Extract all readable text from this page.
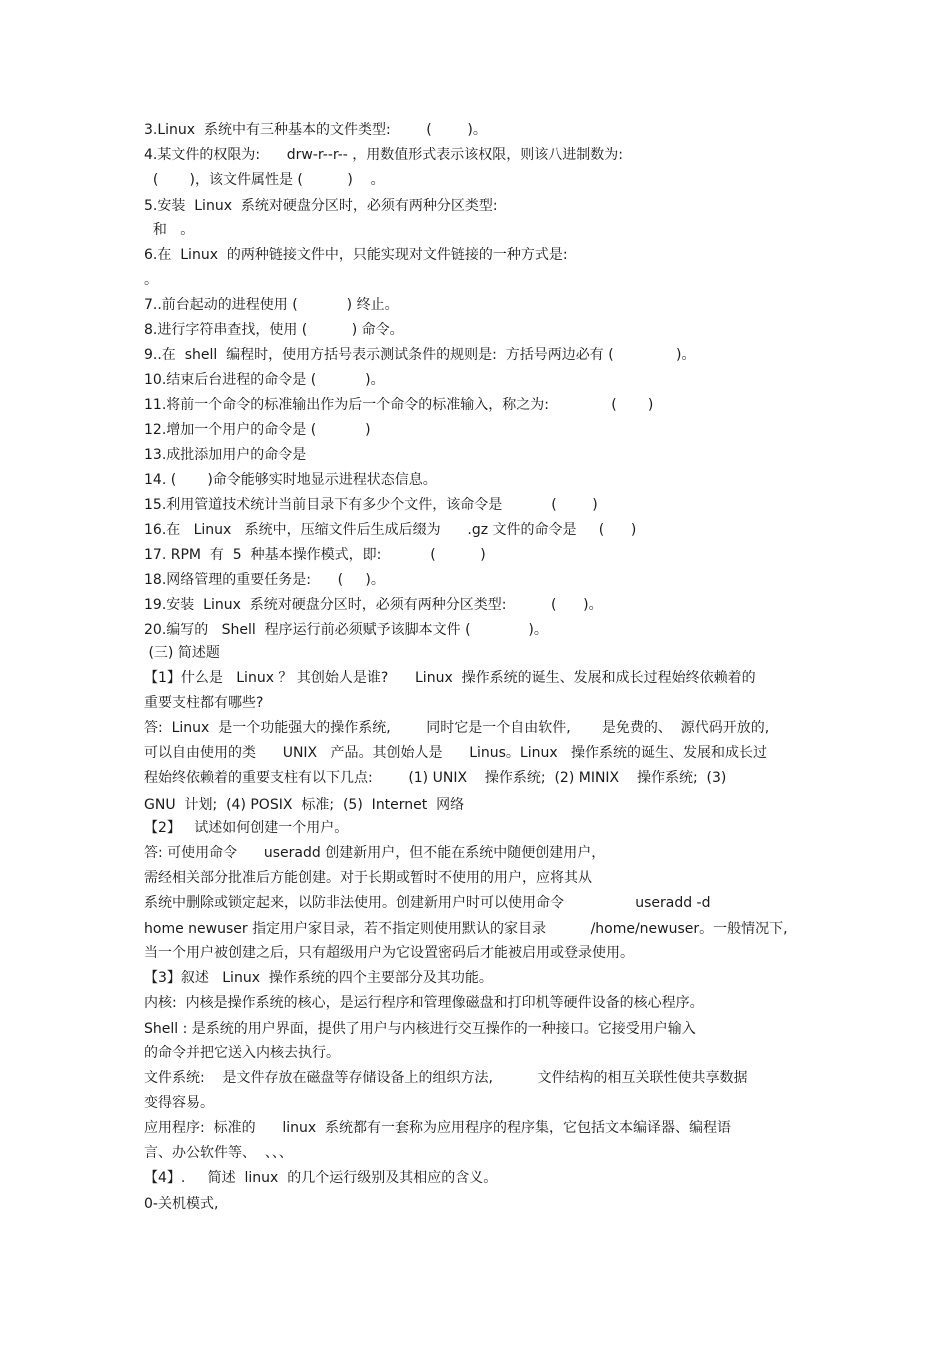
3.Linux  系统中有三种基本的文件类型:        (        )。
4.某文件的权限为:      drw-r--r-- ，用数值形式表示该权限，则该八进制数为:
(       )，该文件属性是 (          )    。
5.安装  Linux  系统对硬盘分区时，必须有两种分区类型:
和   。
6.在  Linux  的两种链接文件中，只能实现对文件链接的一种方式是:
。
7..前台起动的进程使用 (           ) 终止。
8.进行字符串查找，使用 (          ) 命令。
9..在  shell  编程时，使用方括号表示测试条件的规则是:  方括号两边必有 (              )。
10.结束后台进程的命令是 (           )。
11.将前一个命令的标准输出作为后一个命令的标准输入，称之为:              (       )
12.增加一个用户的命令是 (           )
13.成批添加用户的命令是
14. (       )命令能够实时地显示进程状态信息。
15.利用管道技术统计当前目录下有多少个文件，该命令是           (        )
16.在   Linux   系统中，压缩文件后生成后缀为      .gz 文件的命令是     (      )
17. RPM  有  5  种基本操作模式，即:           (          )
18.网络管理的重要任务是:      (     )。
19.安装  Linux  系统对硬盘分区时，必须有两种分区类型:          (      )。
20.编写的   Shell  程序运行前必须赋予该脚本文件 (             )。
(三) 简述题
【1】什么是   Linux ？ 其创始人是谁?      Linux  操作系统的诞生、发展和成长过程始终依赖着的
重要支柱都有哪些?
答:  Linux  是一个功能强大的操作系统,        同时它是一个自由软件,       是免费的、  源代码开放的,
可以自由使用的类      UNIX   产品。其创始人是      Linus。Linux   操作系统的诞生、发展和成长过
程始终依赖着的重要支柱有以下几点:        (1) UNIX    操作系统;  (2) MINIX    操作系统;  (3)
GNU  计划;  (4) POSIX  标准;  (5)  Internet  网络
【2】   试述如何创建一个用户。
答: 可使用命令      useradd 创建新用户，但不能在系统中随便创建用户，
需经相关部分批准后方能创建。对于长期或暂时不使用的用户，应将其从
系统中删除或锁定起来，以防非法使用。创建新用户时可以使用命令                useradd -d
home newuser 指定用户家目录，若不指定则使用默认的家目录          /home/newuser。一般情况下,
当一个用户被创建之后，只有超级用户为它设置密码后才能被启用或登录使用。
【3】叙述   Linux  操作系统的四个主要部分及其功能。
内核:  内核是操作系统的核心，是运行程序和管理像磁盘和打印机等硬件设备的核心程序。
Shell : 是系统的用户界面，提供了用户与内核进行交互操作的一种接口。它接受用户输入
的命令并把它送入内核去执行。
文件系统:    是文件存放在磁盘等存储设备上的组织方法,          文件结构的相互关联性使共享数据
变得容易。
应用程序:  标准的      linux  系统都有一套称为应用程序的程序集，它包括文本编译器、编程语
言、办公软件等、  、、、
【4】.     简述  linux  的几个运行级别及其相应的含义。
0-关机模式,
